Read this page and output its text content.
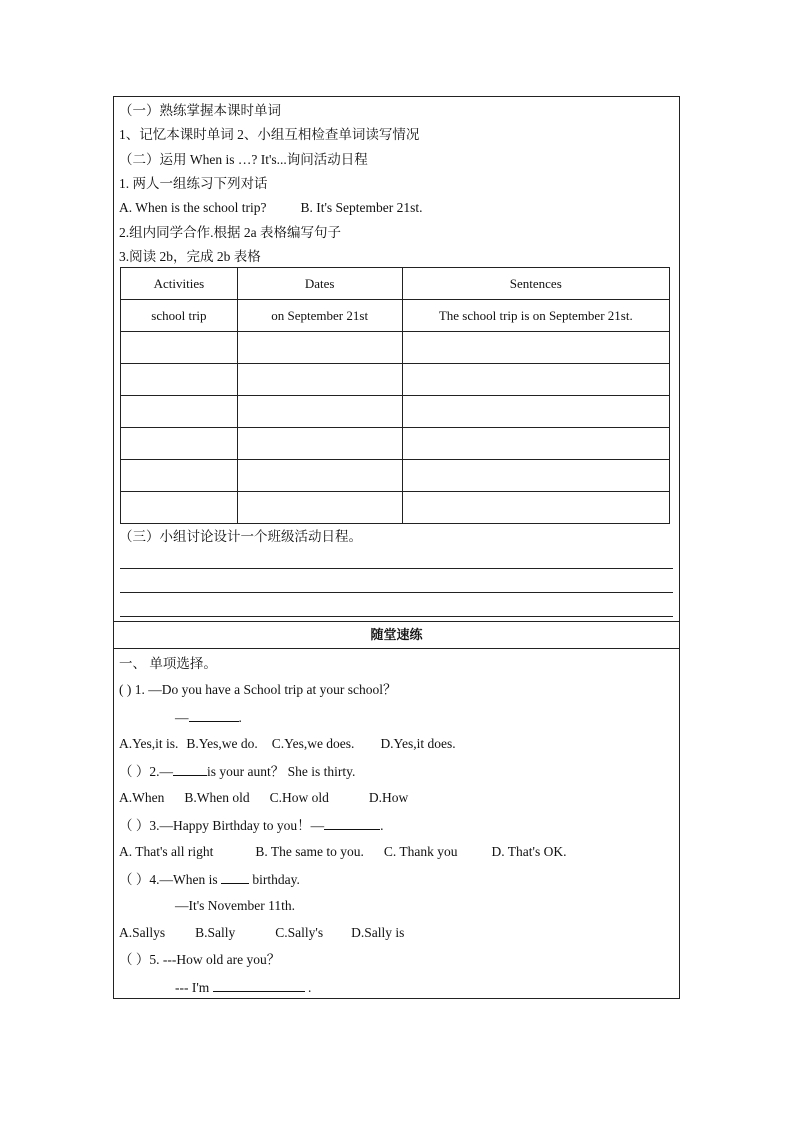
（一）熟练掌握本课时单词
1、记忆本课时单词 2、小组互相检查单词读写情况
（二）运用 When is …? It's...询问活动日程
1. 两人一组练习下列对话
A. When is the school trip?	B. It's September 21st.
2.组内同学合作.根据 2a 表格编写句子
3.阅读 2b，完成 2b 表格
Activities	Dates	Sentences
school trip	on September 21st	The school trip is on September 21st.

（三）小组讨论设计一个班级活动日程。
随堂速练
一、 单项选择。
( ) 1. —Do you have a School trip at your school？
—	.
A.Yes,it is. B.Yes,we do. C.Yes,we does. D.Yes,it does.
（ ）2.—	is your aunt？ She is thirty.
A.When B.When old C.How old	D.How
（ ）3.—Happy Birthday to you！—	.
A. That's all right	B. The same to you. C. Thank you	D. That's OK.
（ ）4.—When is	birthday.
—It's November 11th.
A.Sallys B.Sally	C.Sally's D.Sally is
（ ）5. ---How old are you？
--- I'm	.
